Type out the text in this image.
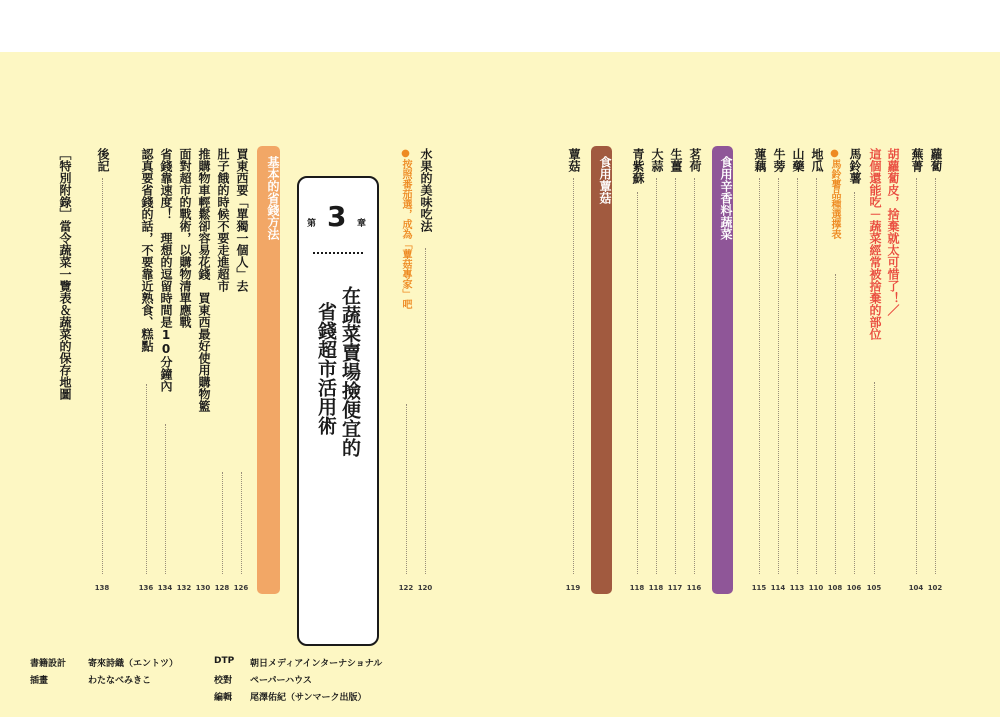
蘿蔔
102
蕪菁
104
胡蘿蔔皮，捨棄就太可惜了！／
這個還能吃－蔬菜經常被捨棄的部位
105
馬鈴薯
106
●馬鈴薯品種選擇表
108
地瓜
110
山藥
113
牛蒡
114
蓮藕
115
食用辛香料蔬菜
茗荷
116
生薑
117
大蒜
118
青紫蘇
118
食用蕈菇
蕈菇
119
水果的美味吃法
120
●按照番茄選，成為「蕈菇專家」吧
122
第 3 章
在蔬菜賣場撿便宜的
省錢超市活用術
基本的省錢方法
買東西要「單獨一個人」去
126
肚子餓的時候不要走進超市
128
推購物車輕鬆卻容易花錢　買東西最好使用購物籃
130
面對超市的戰術，以購物清單應戰
132
省錢靠速度！　理想的逗留時間是10分鐘內
134
認真要省錢的話，不要靠近熟食、糕點
136
後記
138
［特別附錄］當令蔬菜一覽表＆蔬菜的保存地圖
書籍設計 寄來詩織（エントツ）
插畫	わたなべみきこ
DTP 朝日メディアインターナショナル
校對 ペーパーハウス
編輯 尾澤佑紀（サンマーク出版）
